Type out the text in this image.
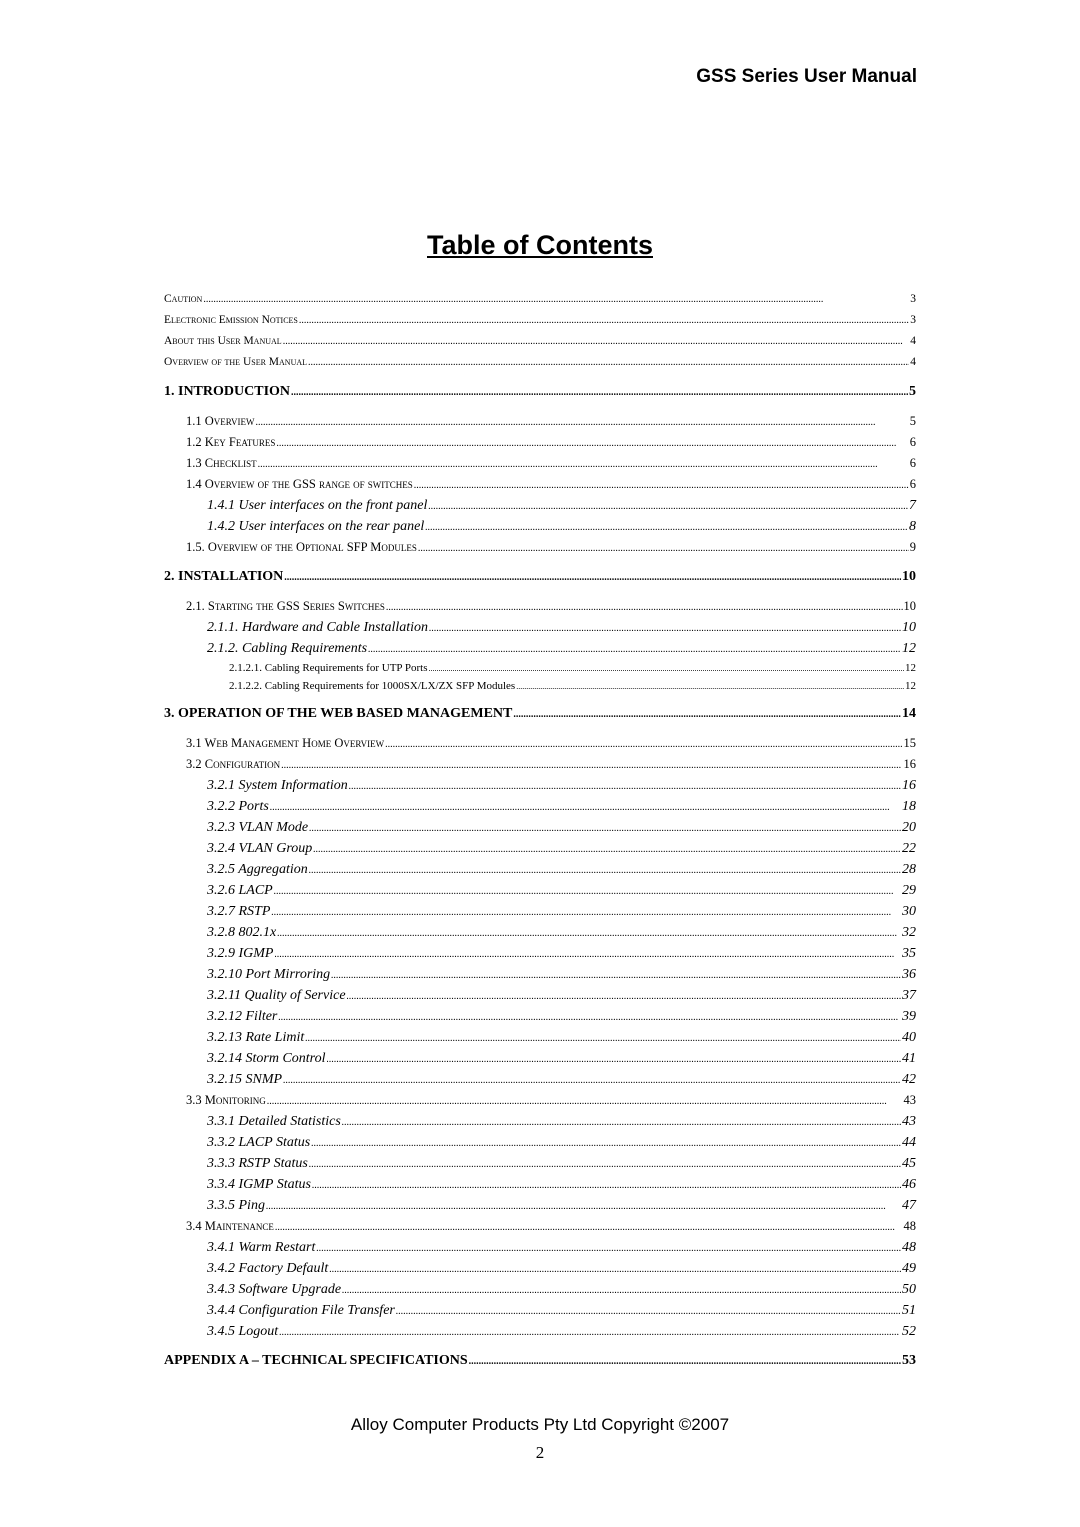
GSS Series User Manual
Table of Contents
Caution .....	3
Electronic Emission Notices .....	3
About this User Manual .....	4
Overview of the User Manual .....	4
1. INTRODUCTION .....	5
1.1 Overview .....	5
1.2 Key Features .....	6
1.3 Checklist .....	6
1.4 Overview of the GSS range of switches .....	6
1.4.1 User interfaces on the front panel .....	7
1.4.2 User interfaces on the rear panel .....	8
1.5. Overview of the Optional SFP Modules .....	9
2. INSTALLATION .....	10
2.1. Starting the GSS Series Switches .....	10
2.1.1. Hardware and Cable Installation .....	10
2.1.2. Cabling Requirements .....	12
2.1.2.1. Cabling Requirements for UTP Ports .....	12
2.1.2.2. Cabling Requirements for 1000SX/LX/ZX SFP Modules .....	12
3. OPERATION OF THE WEB BASED MANAGEMENT .....	14
3.1 Web Management Home Overview .....	15
3.2 Configuration .....	16
3.2.1 System Information .....	16
3.2.2 Ports .....	18
3.2.3 VLAN Mode .....	20
3.2.4 VLAN Group .....	22
3.2.5 Aggregation .....	28
3.2.6 LACP .....	29
3.2.7 RSTP .....	30
3.2.8 802.1x .....	32
3.2.9 IGMP .....	35
3.2.10 Port Mirroring .....	36
3.2.11 Quality of Service .....	37
3.2.12 Filter .....	39
3.2.13 Rate Limit .....	40
3.2.14 Storm Control .....	41
3.2.15 SNMP .....	42
3.3 Monitoring .....	43
3.3.1 Detailed Statistics .....	43
3.3.2 LACP Status .....	44
3.3.3 RSTP Status .....	45
3.3.4 IGMP Status .....	46
3.3.5 Ping .....	47
3.4 Maintenance .....	48
3.4.1 Warm Restart .....	48
3.4.2 Factory Default .....	49
3.4.3 Software Upgrade .....	50
3.4.4 Configuration File Transfer .....	51
3.4.5 Logout .....	52
APPENDIX A – TECHNICAL SPECIFICATIONS .....	53
Alloy Computer Products Pty Ltd Copyright ©2007
2
